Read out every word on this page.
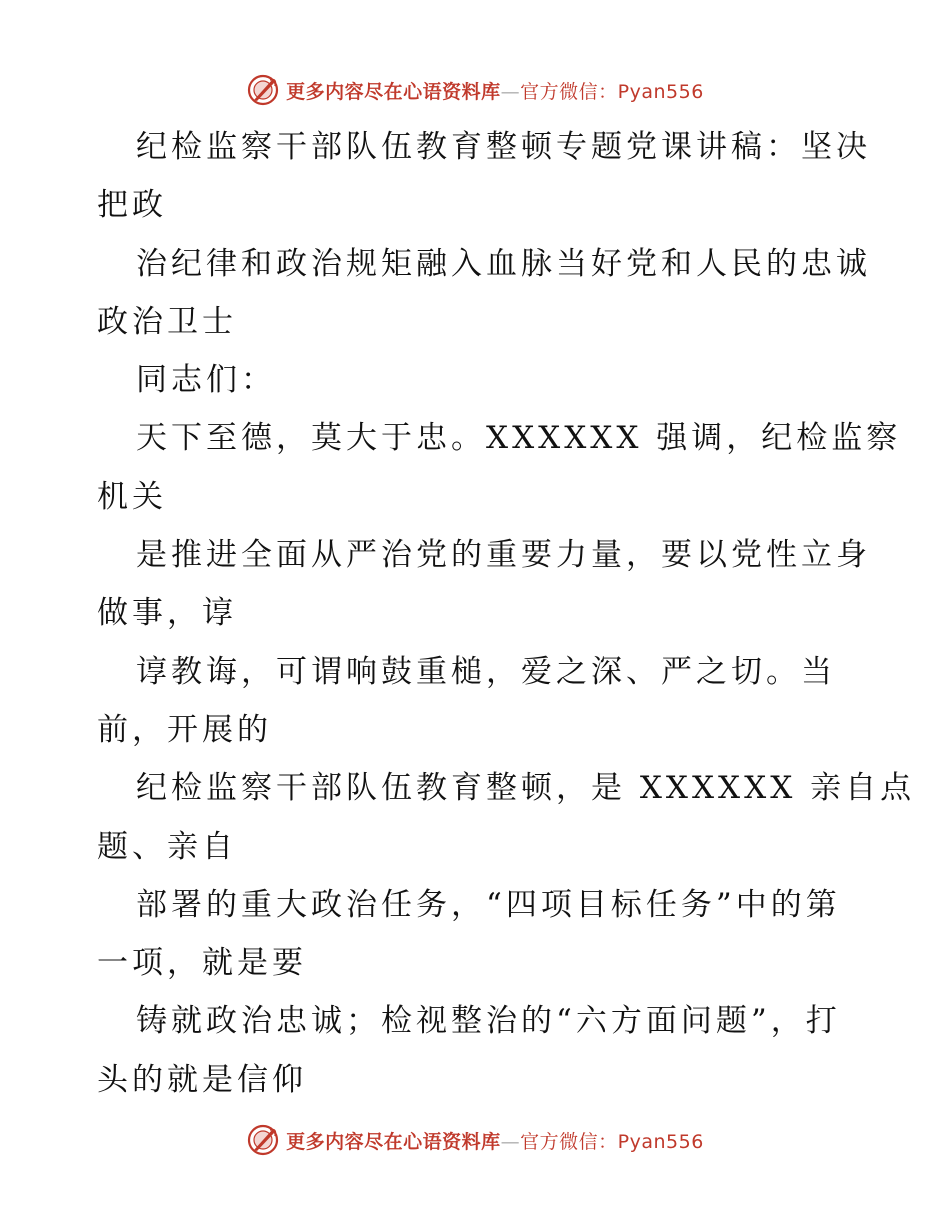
更多内容尽在心语资料库—官方微信：Pyan556
纪检监察干部队伍教育整顿专题党课讲稿：坚决
把政
治纪律和政治规矩融入血脉当好党和人民的忠诚
政治卫士
同志们：
天下至德，莫大于忠。XXXXXX 强调，纪检监察
机关
是推进全面从严治党的重要力量，要以党性立身
做事，谆
谆教诲，可谓响鼓重槌，爱之深、严之切。当
前，开展的
纪检监察干部队伍教育整顿，是 XXXXXX 亲自点
题、亲自
部署的重大政治任务，“四项目标任务”中的第
一项，就是要
铸就政治忠诚；检视整治的“六方面问题”，打
头的就是信仰
更多内容尽在心语资料库—官方微信：Pyan556
